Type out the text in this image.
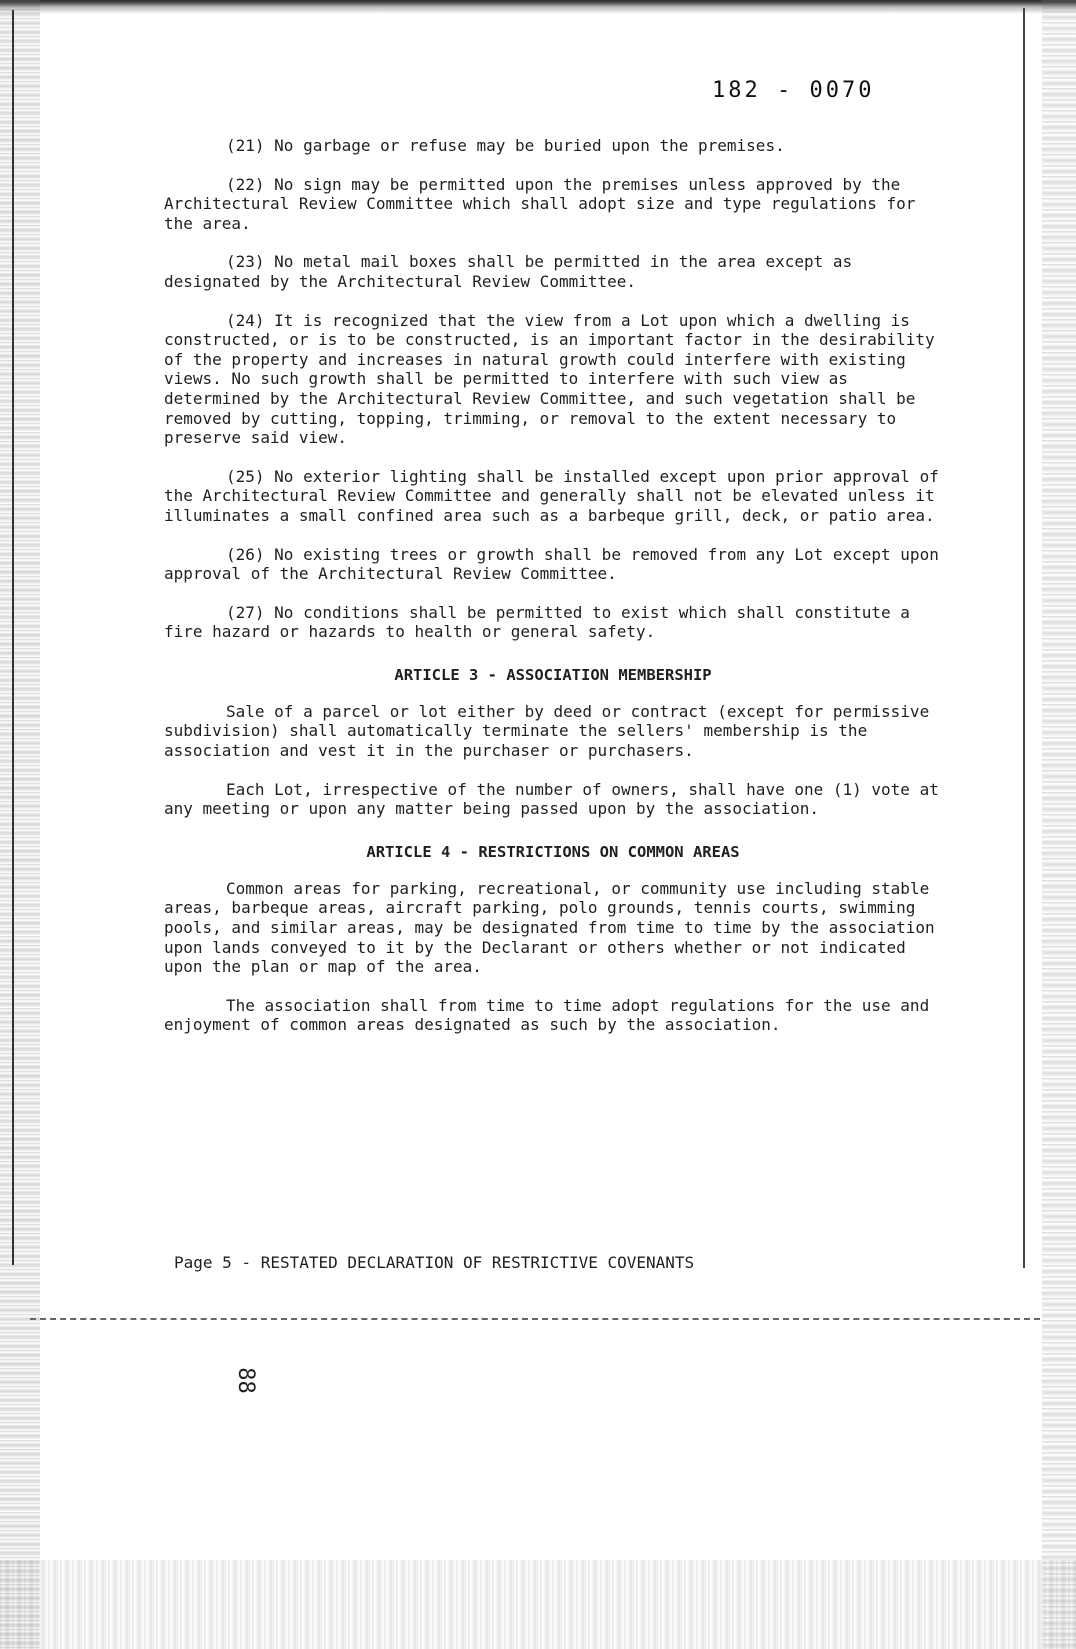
182 - 0070

(21) No garbage or refuse may be buried upon the premises.

(22) No sign may be permitted upon the premises unless approved by the Architectural Review Committee which shall adopt size and type regulations for the area.

(23) No metal mail boxes shall be permitted in the area except as designated by the Architectural Review Committee.

(24) It is recognized that the view from a Lot upon which a dwelling is constructed, or is to be constructed, is an important factor in the desirability of the property and increases in natural growth could interfere with existing views. No such growth shall be permitted to interfere with such view as determined by the Architectural Review Committee, and such vegetation shall be removed by cutting, topping, trimming, or removal to the extent necessary to preserve said view.

(25) No exterior lighting shall be installed except upon prior approval of the Architectural Review Committee and generally shall not be elevated unless it illuminates a small confined area such as a barbeque grill, deck, or patio area.

(26) No existing trees or growth shall be removed from any Lot except upon approval of the Architectural Review Committee.

(27) No conditions shall be permitted to exist which shall constitute a fire hazard or hazards to health or general safety.

ARTICLE 3 - ASSOCIATION MEMBERSHIP

Sale of a parcel or lot either by deed or contract (except for permissive subdivision) shall automatically terminate the sellers' membership is the association and vest it in the purchaser or purchasers.

Each Lot, irrespective of the number of owners, shall have one (1) vote at any meeting or upon any matter being passed upon by the association.

ARTICLE 4 - RESTRICTIONS ON COMMON AREAS

Common areas for parking, recreational, or community use including stable areas, barbeque areas, aircraft parking, polo grounds, tennis courts, swimming pools, and similar areas, may be designated from time to time by the association upon lands conveyed to it by the Declarant or others whether or not indicated upon the plan or map of the area.

The association shall from time to time adopt regulations for the use and enjoyment of common areas designated as such by the association.

Page 5 - RESTATED DECLARATION OF RESTRICTIVE COVENANTS
88
